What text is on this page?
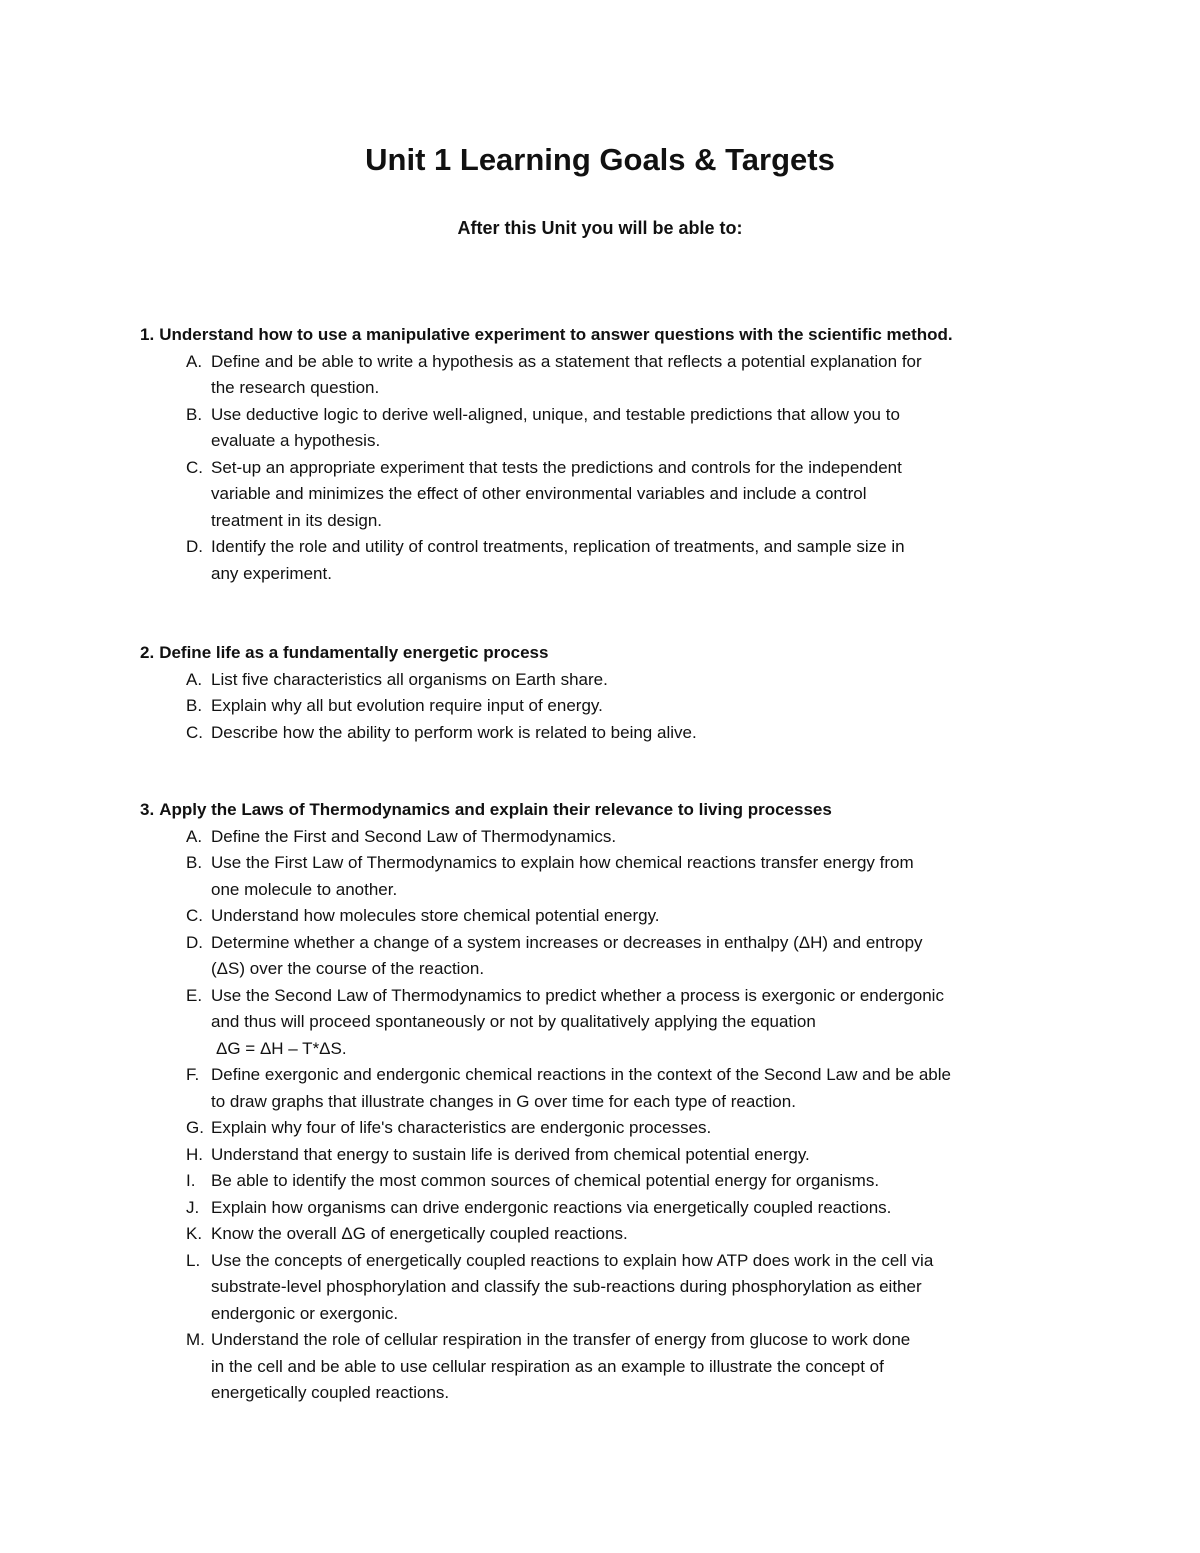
Unit 1 Learning Goals & Targets
After this Unit you will be able to:
1. Understand how to use a manipulative experiment to answer questions with the scientific method.
A. Define and be able to write a hypothesis as a statement that reflects a potential explanation for
the research question.
B. Use deductive logic to derive well-aligned, unique, and testable predictions that allow you to
evaluate a hypothesis.
C. Set-up an appropriate experiment that tests the predictions and controls for the independent
variable and minimizes the effect of other environmental variables and include a control
treatment in its design.
D. Identify the role and utility of control treatments, replication of treatments, and sample size in
any experiment.
2. Define life as a fundamentally energetic process
A. List five characteristics all organisms on Earth share.
B. Explain why all but evolution require input of energy.
C. Describe how the ability to perform work is related to being alive.
3. Apply the Laws of Thermodynamics and explain their relevance to living processes
A. Define the First and Second Law of Thermodynamics.
B. Use the First Law of Thermodynamics to explain how chemical reactions transfer energy from
one molecule to another.
C. Understand how molecules store chemical potential energy.
D. Determine whether a change of a system increases or decreases in enthalpy (ΔH) and entropy
(ΔS) over the course of the reaction.
E. Use the Second Law of Thermodynamics to predict whether a process is exergonic or endergonic
and thus will proceed spontaneously or not by qualitatively applying the equation
ΔG = ΔH – T*ΔS.
F. Define exergonic and endergonic chemical reactions in the context of the Second Law and be able
to draw graphs that illustrate changes in G over time for each type of reaction.
G. Explain why four of life's characteristics are endergonic processes.
H. Understand that energy to sustain life is derived from chemical potential energy.
I. Be able to identify the most common sources of chemical potential energy for organisms.
J. Explain how organisms can drive endergonic reactions via energetically coupled reactions.
K. Know the overall ΔG of energetically coupled reactions.
L. Use the concepts of energetically coupled reactions to explain how ATP does work in the cell via
substrate-level phosphorylation and classify the sub-reactions during phosphorylation as either
endergonic or exergonic.
M. Understand the role of cellular respiration in the transfer of energy from glucose to work done
in the cell and be able to use cellular respiration as an example to illustrate the concept of
energetically coupled reactions.
